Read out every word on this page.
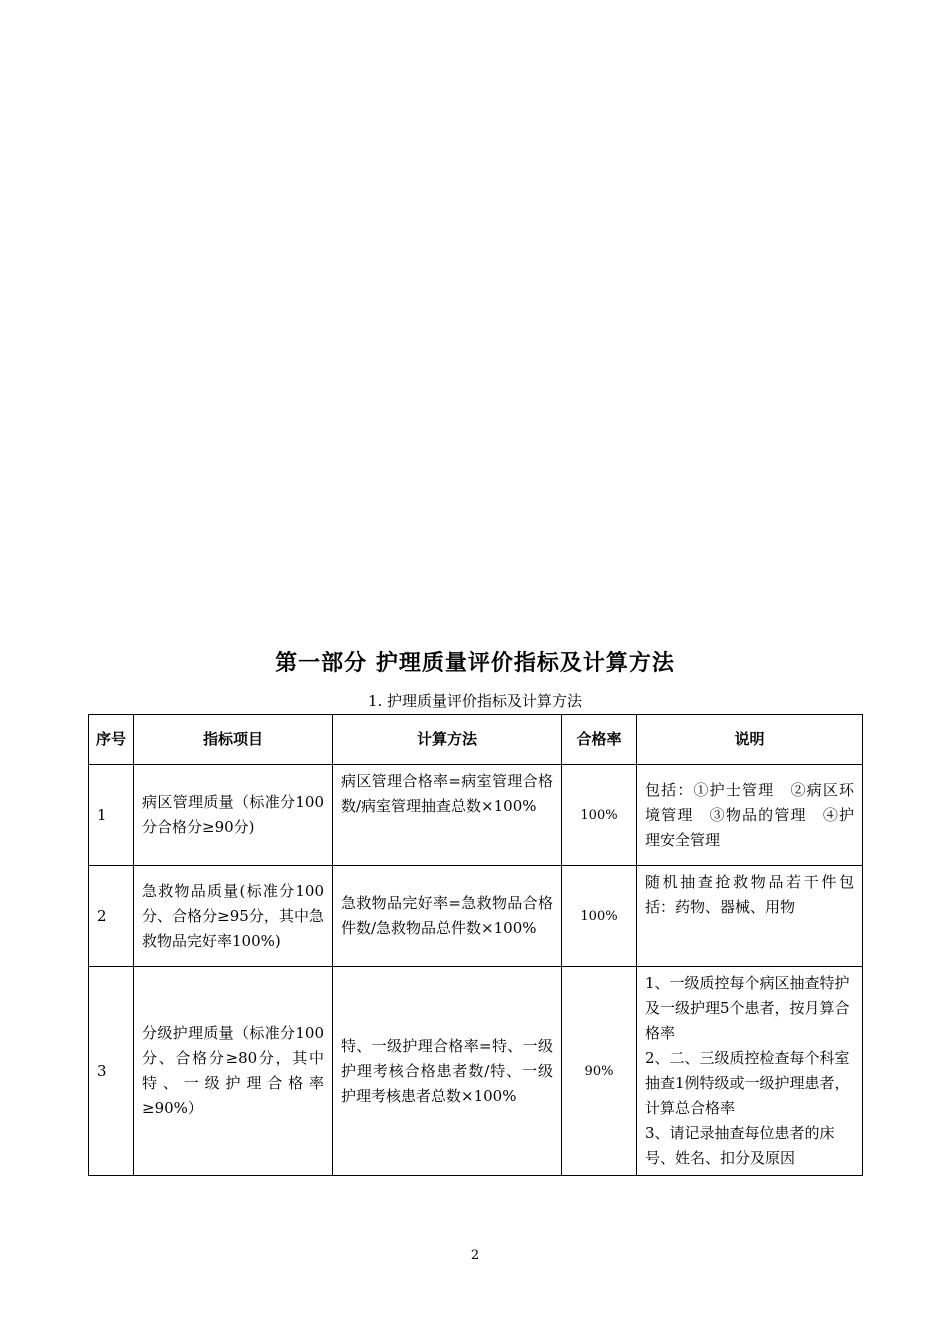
第一部分 护理质量评价指标及计算方法
1. 护理质量评价指标及计算方法
序号	指标项目	计算方法	合格率	说明
1	病区管理质量（标准分100分合格分≥90分)	病区管理合格率=病室管理合格数/病室管理抽查总数×100%	100%	包括：①护士管理　②病区环境管理　③物品的管理　④护理安全管理
2	急救物品质量(标准分100分、合格分≥95分，其中急救物品完好率100%)	急救物品完好率=急救物品合格件数/急救物品总件数×100%	100%	随机抽查抢救物品若干件包括：药物、器械、用物
3	分级护理质量（标准分100分、合格分≥80分，其中特、一级护理合格率≥90%）	特、一级护理合格率=特、一级护理考核合格患者数/特、一级护理考核患者总数×100%	90%	1、一级质控每个病区抽查特护及一级护理5个患者，按月算合格率
2、二、三级质控检查每个科室抽查1例特级或一级护理患者，计算总合格率
3、请记录抽查每位患者的床号、姓名、扣分及原因
2
